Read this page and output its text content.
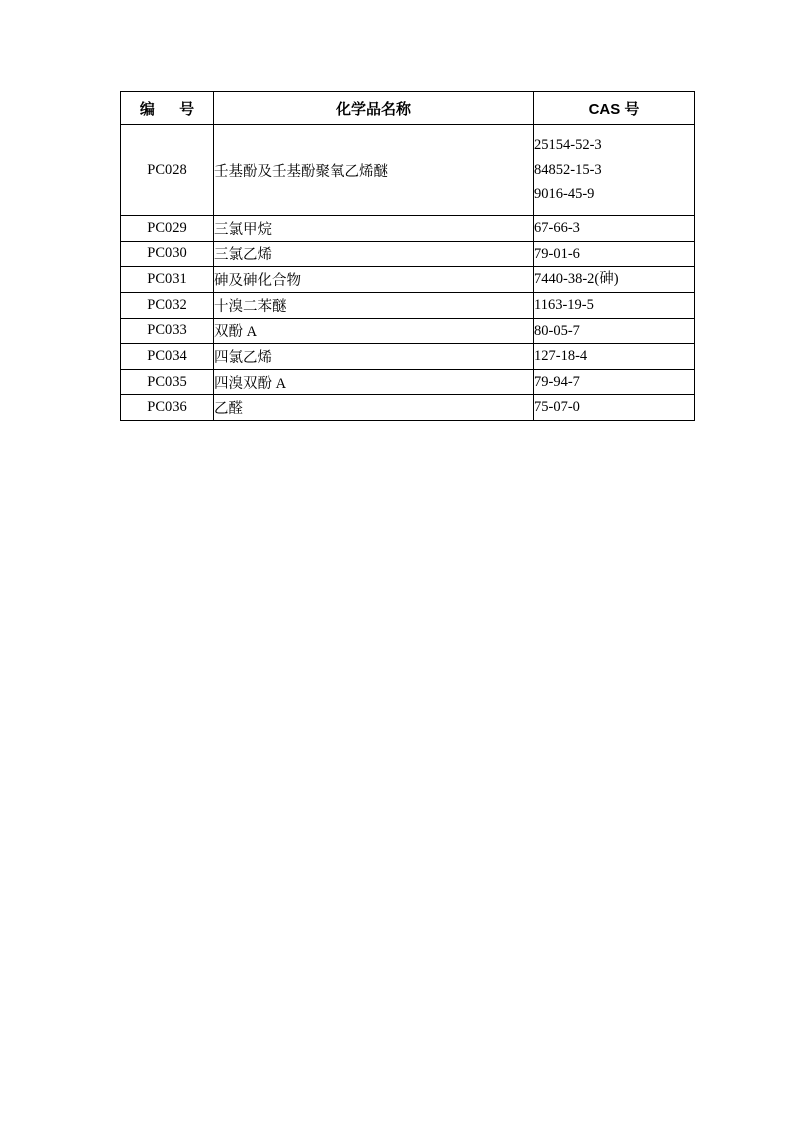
编 号	化学品名称	CAS 号
PC028	壬基酚及壬基酚聚氧乙烯醚	25154-52-3
84852-15-3
9016-45-9

PC029	三氯甲烷	67-66-3

PC030	三氯乙烯	79-01-6

PC031	砷及砷化合物	7440-38-2(砷)

PC032	十溴二苯醚	1163-19-5

PC033	双酚 A	80-05-7

PC034	四氯乙烯	127-18-4

PC035	四溴双酚 A	79-94-7

PC036	乙醛	75-07-0
